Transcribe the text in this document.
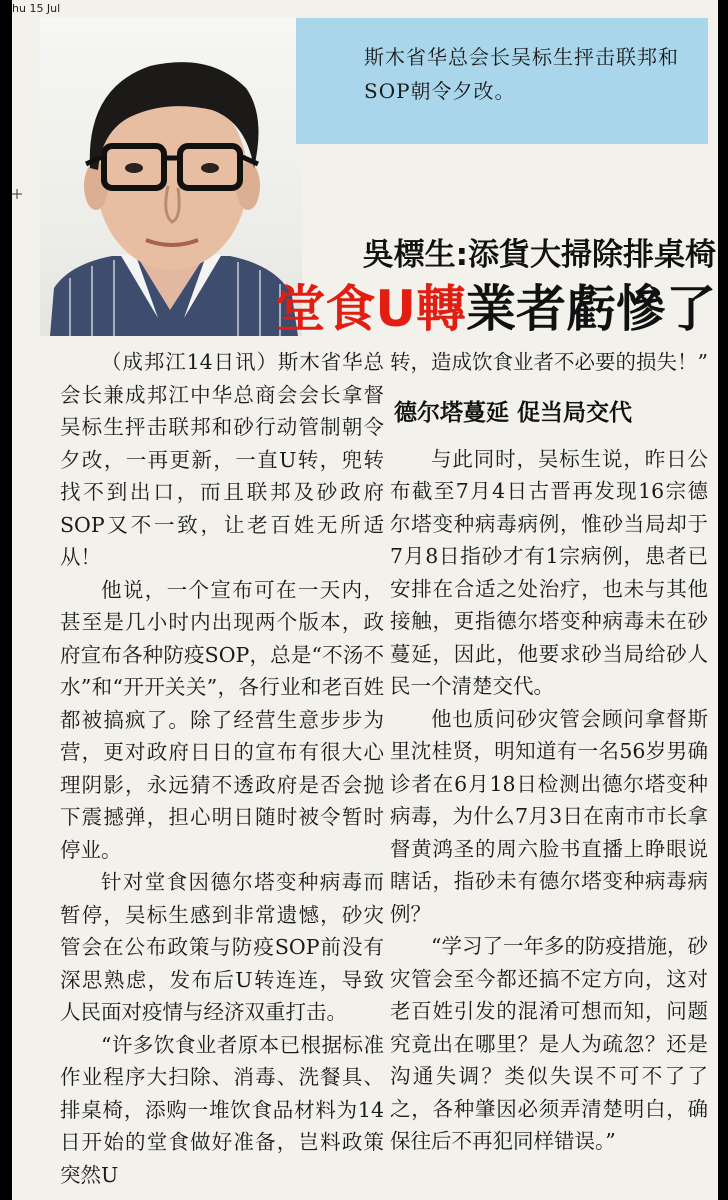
hu 15 Jul
斯木省华总会长吴标生抨击联邦和SOP朝令夕改。
吳標生:添貨大掃除排桌椅
堂食U轉業者虧慘了

（成邦江14日讯）斯木省华总会长兼成邦江中华总商会会长拿督吴标生抨击联邦和砂行动管制朝令夕改，一再更新，一直U转，兜转找不到出口，而且联邦及砂政府SOP又不一致，让老百姓无所适从！

他说，一个宣布可在一天内，甚至是几小时内出现两个版本，政府宣布各种防疫SOP，总是“不汤不水”和“开开关关”，各行业和老百姓都被搞疯了。除了经营生意步步为营，更对政府日日的宣布有很大心理阴影，永远猜不透政府是否会抛下震撼弹，担心明日随时被令暂时停业。

针对堂食因德尔塔变种病毒而暂停，吴标生感到非常遗憾，砂灾管会在公布政策与防疫SOP前没有深思熟虑，发布后U转连连，导致人民面对疫情与经济双重打击。

“许多饮食业者原本已根据标准作业程序大扫除、消毒、洗餐具、排桌椅，添购一堆饮食品材料为14日开始的堂食做好准备，岂料政策突然U

转，造成饮食业者不必要的损失！”

德尔塔蔓延 促当局交代

与此同时，吴标生说，昨日公布截至7月4日古晋再发现16宗德尔塔变种病毒病例，惟砂当局却于7月8日指砂才有1宗病例，患者已安排在合适之处治疗，也未与其他接触，更指德尔塔变种病毒未在砂蔓延，因此，他要求砂当局给砂人民一个清楚交代。

他也质问砂灾管会顾问拿督斯里沈桂贤，明知道有一名56岁男确诊者在6月18日检测出德尔塔变种病毒，为什么7月3日在南市市长拿督黄鸿圣的周六脸书直播上睁眼说瞎话，指砂未有德尔塔变种病毒病例？

“学习了一年多的防疫措施，砂灾管会至今都还搞不定方向，这对老百姓引发的混淆可想而知，问题究竟出在哪里？是人为疏忽？还是沟通失调？类似失误不可不了了之，各种肇因必须弄清楚明白，确保往后不再犯同样错误。”
